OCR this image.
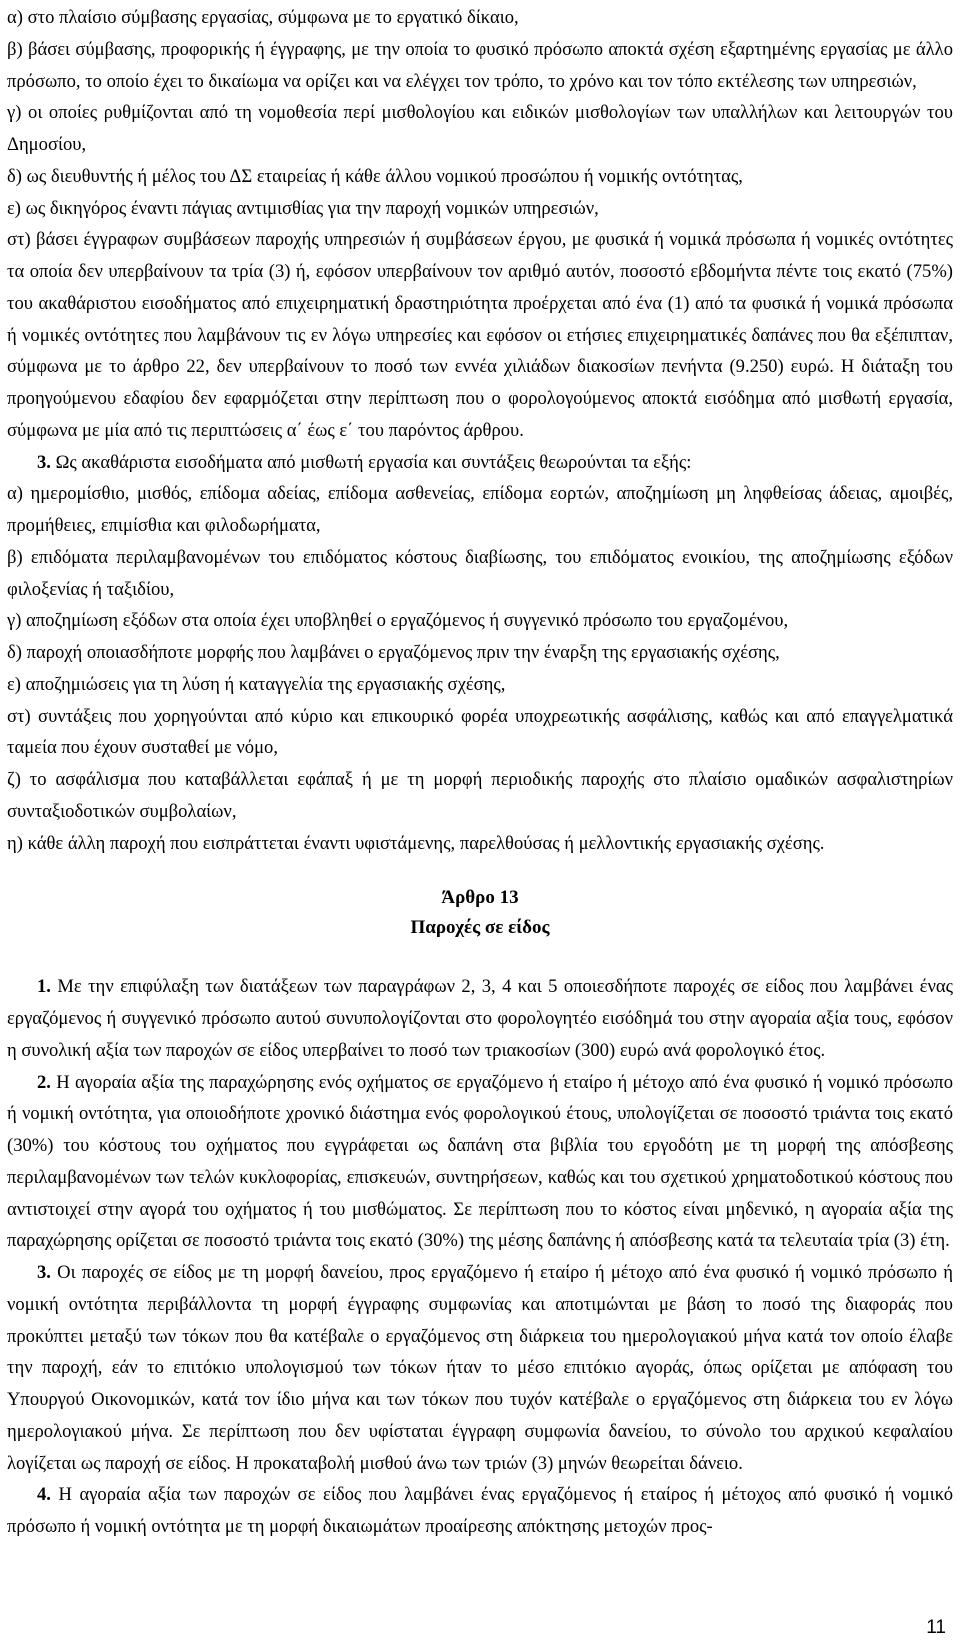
α) στο πλαίσιο σύμβασης εργασίας, σύμφωνα με το εργατικό δίκαιο,

β) βάσει σύμβασης, προφορικής ή έγγραφης, με την οποία το φυσικό πρόσωπο αποκτά σχέση εξαρτημένης εργασίας με άλλο πρόσωπο, το οποίο έχει το δικαίωμα να ορίζει και να ελέγχει τον τρόπο, το χρόνο και τον τόπο εκτέλεσης των υπηρεσιών,

γ) οι οποίες ρυθμίζονται από τη νομοθεσία περί μισθολογίου και ειδικών μισθολογίων των υπαλλήλων και λειτουργών του Δημοσίου,

δ) ως διευθυντής ή μέλος του ΔΣ εταιρείας ή κάθε άλλου νομικού προσώπου ή νομικής οντότητας,

ε) ως δικηγόρος έναντι πάγιας αντιμισθίας για την παροχή νομικών υπηρεσιών,

στ) βάσει έγγραφων συμβάσεων παροχής υπηρεσιών ή συμβάσεων έργου, με φυσικά ή νομικά πρόσωπα ή νομικές οντότητες τα οποία δεν υπερβαίνουν τα τρία (3) ή, εφόσον υπερβαίνουν τον αριθμό αυτόν, ποσοστό εβδομήντα πέντε τοις εκατό (75%) του ακαθάριστου εισοδήματος από επιχειρηματική δραστηριότητα προέρχεται από ένα (1) από τα φυσικά ή νομικά πρόσωπα ή νομικές οντότητες που λαμβάνουν τις εν λόγω υπηρεσίες και εφόσον οι ετήσιες επιχειρηματικές δαπάνες που θα εξέπιπταν, σύμφωνα με το άρθρο 22, δεν υπερβαίνουν το ποσό των εννέα χιλιάδων διακοσίων πενήντα (9.250) ευρώ. Η διάταξη του προηγούμενου εδαφίου δεν εφαρμόζεται στην περίπτωση που ο φορολογούμενος αποκτά εισόδημα από μισθωτή εργασία, σύμφωνα με μία από τις περιπτώσεις α΄ έως ε΄ του παρόντος άρθρου.

3. Ως ακαθάριστα εισοδήματα από μισθωτή εργασία και συντάξεις θεωρούνται τα εξής:

α) ημερομίσθιο, μισθός, επίδομα αδείας, επίδομα ασθενείας, επίδομα εορτών, αποζημίωση μη ληφθείσας άδειας, αμοιβές, προμήθειες, επιμίσθια και φιλοδωρήματα,

β) επιδόματα περιλαμβανομένων του επιδόματος κόστους διαβίωσης, του επιδόματος ενοικίου, της αποζημίωσης εξόδων φιλοξενίας ή ταξιδίου,

γ) αποζημίωση εξόδων στα οποία έχει υποβληθεί ο εργαζόμενος ή συγγενικό πρόσωπο του εργαζομένου,

δ) παροχή οποιασδήποτε μορφής που λαμβάνει ο εργαζόμενος πριν την έναρξη της εργασιακής σχέσης,

ε) αποζημιώσεις για τη λύση ή καταγγελία της εργασιακής σχέσης,

στ) συντάξεις που χορηγούνται από κύριο και επικουρικό φορέα υποχρεωτικής ασφάλισης, καθώς και από επαγγελματικά ταμεία που έχουν συσταθεί με νόμο,

ζ) το ασφάλισμα που καταβάλλεται εφάπαξ ή με τη μορφή περιοδικής παροχής στο πλαίσιο ομαδικών ασφαλιστηρίων συνταξιοδοτικών συμβολαίων,

η) κάθε άλλη παροχή που εισπράττεται έναντι υφιστάμενης, παρελθούσας ή μελλοντικής εργασιακής σχέσης.

Άρθρο 13
Παροχές σε είδος

1. Με την επιφύλαξη των διατάξεων των παραγράφων 2, 3, 4 και 5 οποιεσδήποτε παροχές σε είδος που λαμβάνει ένας εργαζόμενος ή συγγενικό πρόσωπο αυτού συνυπολογίζονται στο φορολογητέο εισόδημά του στην αγοραία αξία τους, εφόσον η συνολική αξία των παροχών σε είδος υπερβαίνει το ποσό των τριακοσίων (300) ευρώ ανά φορολογικό έτος.

2. Η αγοραία αξία της παραχώρησης ενός οχήματος σε εργαζόμενο ή εταίρο ή μέτοχο από ένα φυσικό ή νομικό πρόσωπο ή νομική οντότητα, για οποιοδήποτε χρονικό διάστημα ενός φορολογικού έτους, υπολογίζεται σε ποσοστό τριάντα τοις εκατό (30%) του κόστους του οχήματος που εγγράφεται ως δαπάνη στα βιβλία του εργοδότη με τη μορφή της απόσβεσης περιλαμβανομένων των τελών κυκλοφορίας, επισκευών, συντηρήσεων, καθώς και του σχετικού χρηματοδοτικού κόστους που αντιστοιχεί στην αγορά του οχήματος ή του μισθώματος. Σε περίπτωση που το κόστος είναι μηδενικό, η αγοραία αξία της παραχώρησης ορίζεται σε ποσοστό τριάντα τοις εκατό (30%) της μέσης δαπάνης ή απόσβεσης κατά τα τελευταία τρία (3) έτη.

3. Οι παροχές σε είδος με τη μορφή δανείου, προς εργαζόμενο ή εταίρο ή μέτοχο από ένα φυσικό ή νομικό πρόσωπο ή νομική οντότητα περιβάλλοντα τη μορφή έγγραφης συμφωνίας και αποτιμώνται με βάση το ποσό της διαφοράς που προκύπτει μεταξύ των τόκων που θα κατέβαλε ο εργαζόμενος στη διάρκεια του ημερολογιακού μήνα κατά τον οποίο έλαβε την παροχή, εάν το επιτόκιο υπολογισμού των τόκων ήταν το μέσο επιτόκιο αγοράς, όπως ορίζεται με απόφαση του Υπουργού Οικονομικών, κατά τον ίδιο μήνα και των τόκων που τυχόν κατέβαλε ο εργαζόμενος στη διάρκεια του εν λόγω ημερολογιακού μήνα. Σε περίπτωση που δεν υφίσταται έγγραφη συμφωνία δανείου, το σύνολο του αρχικού κεφαλαίου λογίζεται ως παροχή σε είδος. Η προκαταβολή μισθού άνω των τριών (3) μηνών θεωρείται δάνειο.

4. Η αγοραία αξία των παροχών σε είδος που λαμβάνει ένας εργαζόμενος ή εταίρος ή μέτοχος από φυσικό ή νομικό πρόσωπο ή νομική οντότητα με τη μορφή δικαιωμάτων προαίρεσης απόκτησης μετοχών προς-

11
